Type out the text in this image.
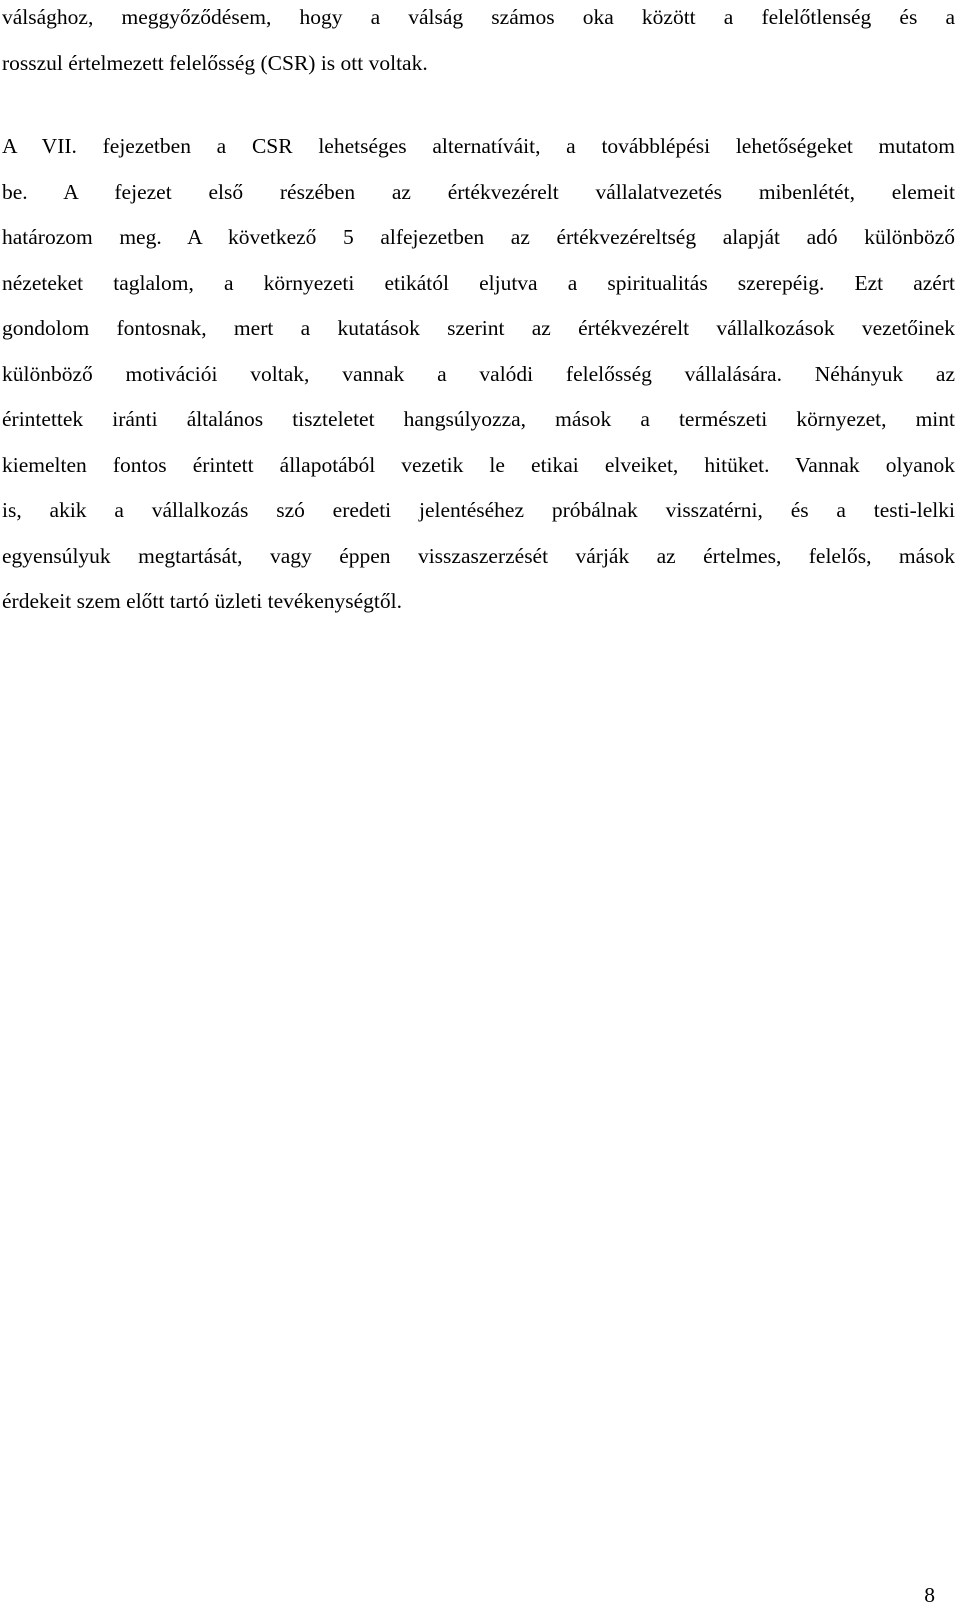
válsághoz, meggyőződésem, hogy a válság számos oka között a felelőtlenség és a
rosszul értelmezett felelősség (CSR) is ott voltak.
A VII. fejezetben a CSR lehetséges alternatíváit, a továbblépési lehetőségeket mutatom
be. A fejezet első részében az értékvezérelt vállalatvezetés mibenlétét, elemeit
határozom meg. A következő 5 alfejezetben az értékvezéreltség alapját adó különböző
nézeteket taglalom, a környezeti etikától eljutva a spiritualitás szerepéig. Ezt azért
gondolom fontosnak, mert a kutatások szerint az értékvezérelt vállalkozások vezetőinek
különböző motivációi voltak, vannak a valódi felelősség vállalására. Néhányuk az
érintettek iránti általános tiszteletet hangsúlyozza, mások a természeti környezet, mint
kiemelten fontos érintett állapotából vezetik le etikai elveiket, hitüket. Vannak olyanok
is, akik a vállalkozás szó eredeti jelentéséhez próbálnak visszatérni, és a testi-lelki
egyensúlyuk megtartását, vagy éppen visszaszerzését várják az értelmes, felelős, mások
érdekeit szem előtt tartó üzleti tevékenységtől.
8
